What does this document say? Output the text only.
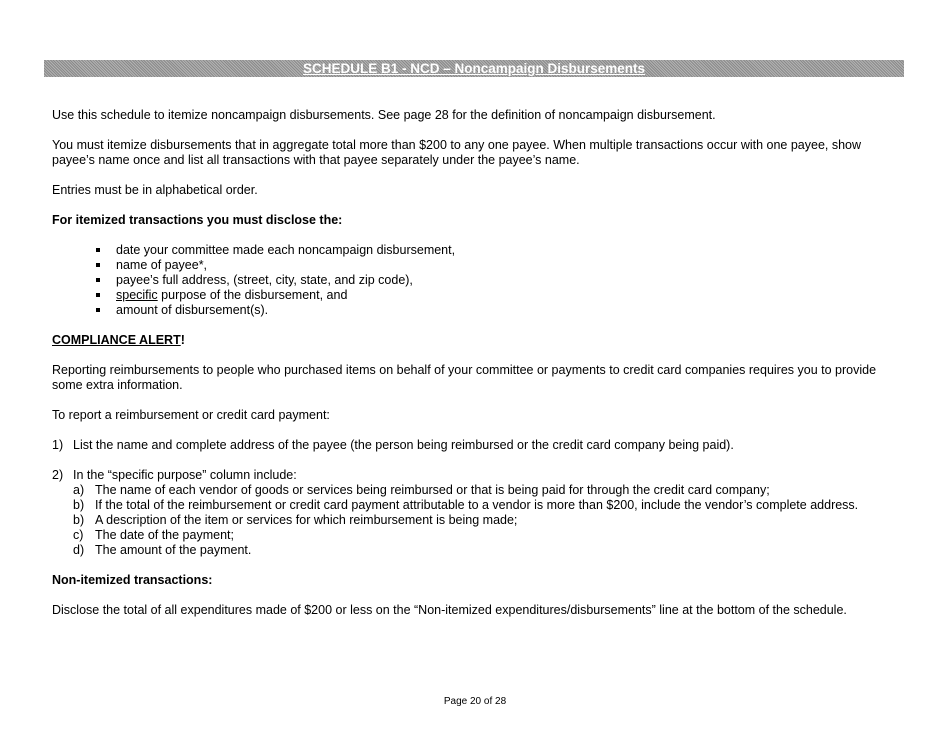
SCHEDULE B1 - NCD – Noncampaign Disbursements

Use this schedule to itemize noncampaign disbursements. See page 28 for the definition of noncampaign disbursement.

You must itemize disbursements that in aggregate total more than $200 to any one payee. When multiple transactions occur with one payee, show payee’s name once and list all transactions with that payee separately under the payee’s name.

Entries must be in alphabetical order.

For itemized transactions you must disclose the:

date your committee made each noncampaign disbursement,
name of payee*,
payee’s full address, (street, city, state, and zip code),
specific purpose of the disbursement, and
amount of disbursement(s).

COMPLIANCE ALERT!

Reporting reimbursements to people who purchased items on behalf of your committee or payments to credit card companies requires you to provide some extra information.

To report a reimbursement or credit card payment:

1) List the name and complete address of the payee (the person being reimbursed or the credit card company being paid).
2) In the “specific purpose” column include:
a) The name of each vendor of goods or services being reimbursed or that is being paid for through the credit card company;
b) If the total of the reimbursement or credit card payment attributable to a vendor is more than $200, include the vendor’s complete address.
b) A description of the item or services for which reimbursement is being made;
c) The date of the payment;
d) The amount of the payment.

Non-itemized transactions:

Disclose the total of all expenditures made of $200 or less on the “Non-itemized expenditures/disbursements” line at the bottom of the schedule.

Page 20 of 28
